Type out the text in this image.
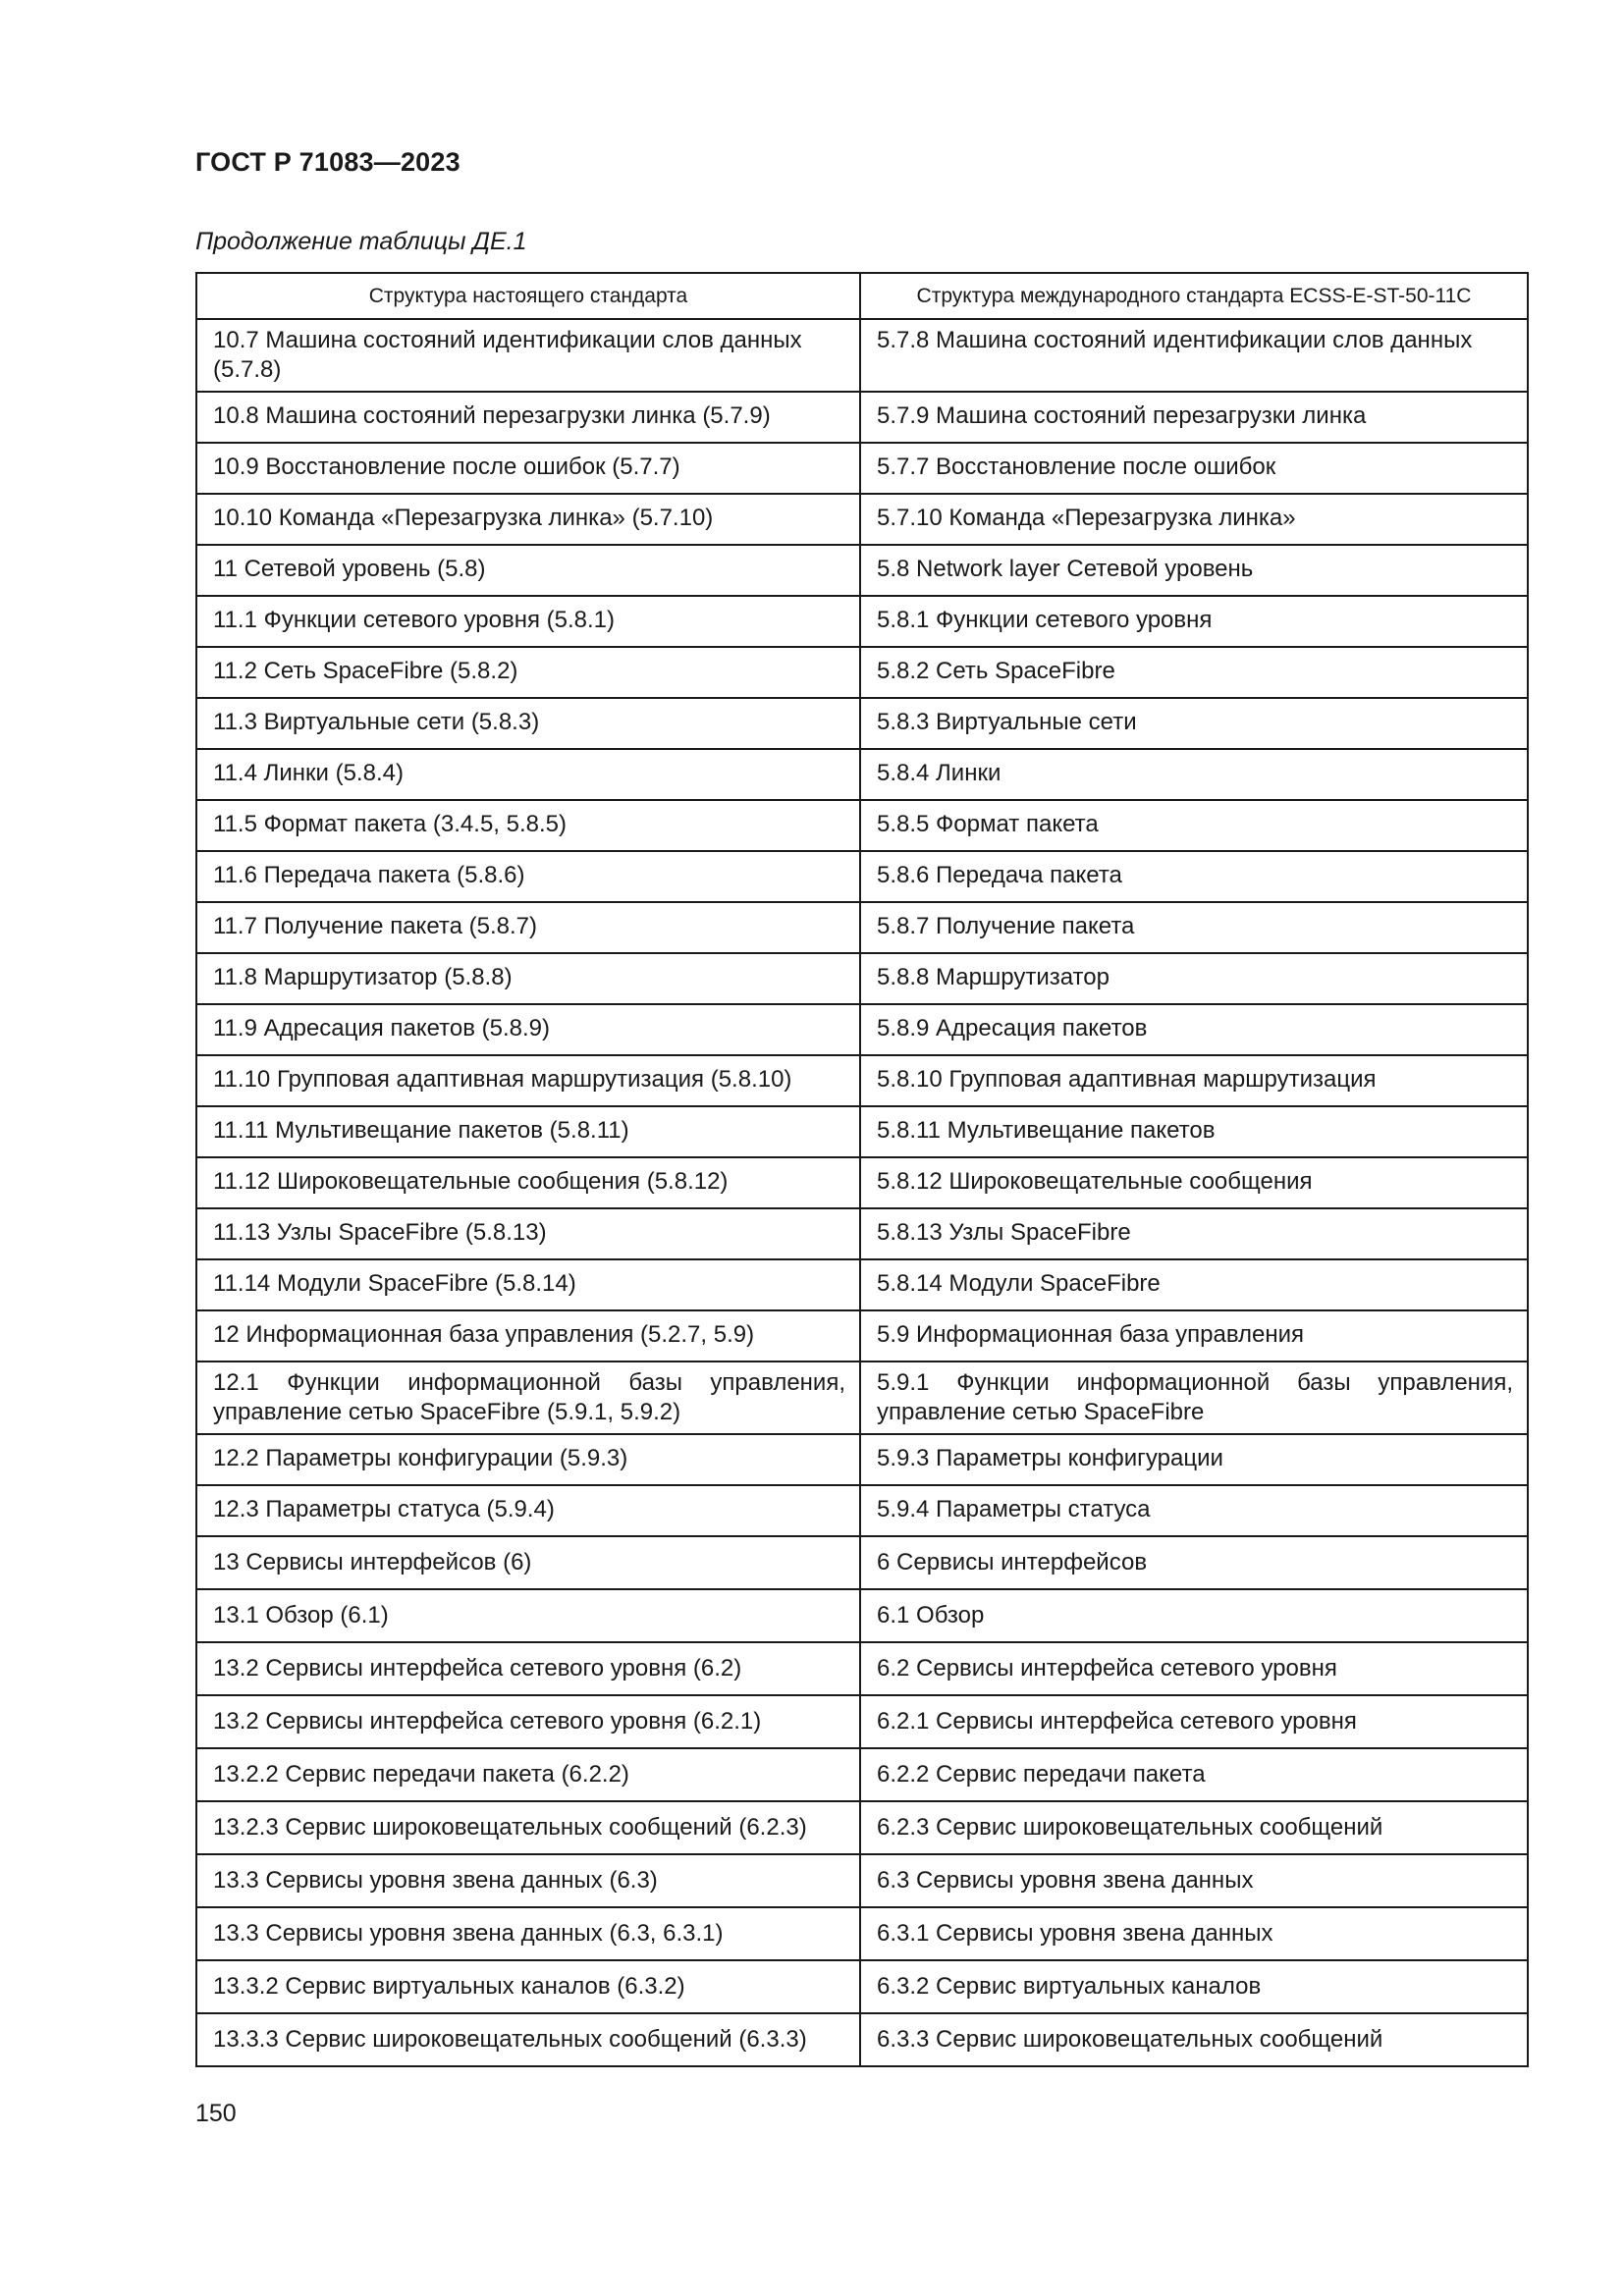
ГОСТ Р 71083—2023

Продолжение таблицы ДЕ.1

Структура настоящего стандарта	Структура международного стандарта ECSS-E-ST-50-11C
10.7 Машина состояний идентификации слов данных (5.7.8)	5.7.8 Машина состояний идентификации слов данных
10.8 Машина состояний перезагрузки линка (5.7.9)	5.7.9 Машина состояний перезагрузки линка
10.9 Восстановление после ошибок (5.7.7)	5.7.7 Восстановление после ошибок
10.10 Команда «Перезагрузка линка» (5.7.10)	5.7.10 Команда «Перезагрузка линка»
11 Сетевой уровень (5.8)	5.8 Network layer Сетевой уровень
11.1 Функции сетевого уровня (5.8.1)	5.8.1 Функции сетевого уровня
11.2 Сеть SpaceFibre (5.8.2)	5.8.2 Сеть SpaceFibre
11.3 Виртуальные сети (5.8.3)	5.8.3 Виртуальные сети
11.4 Линки (5.8.4)	5.8.4 Линки
11.5 Формат пакета (3.4.5, 5.8.5)	5.8.5 Формат пакета
11.6 Передача пакета (5.8.6)	5.8.6 Передача пакета
11.7 Получение пакета (5.8.7)	5.8.7 Получение пакета
11.8 Маршрутизатор (5.8.8)	5.8.8 Маршрутизатор
11.9 Адресация пакетов (5.8.9)	5.8.9 Адресация пакетов
11.10 Групповая адаптивная маршрутизация (5.8.10)	5.8.10 Групповая адаптивная маршрутизация
11.11 Мультивещание пакетов (5.8.11)	5.8.11 Мультивещание пакетов
11.12 Широковещательные сообщения (5.8.12)	5.8.12 Широковещательные сообщения
11.13 Узлы SpaceFibre (5.8.13)	5.8.13 Узлы SpaceFibre
11.14 Модули SpaceFibre (5.8.14)	5.8.14 Модули SpaceFibre
12 Информационная база управления (5.2.7, 5.9)	5.9 Информационная база управления
12.1 Функции информационной базы управления, управление сетью SpaceFibre (5.9.1, 5.9.2)	5.9.1 Функции информационной базы управления, управление сетью SpaceFibre
12.2 Параметры конфигурации (5.9.3)	5.9.3 Параметры конфигурации
12.3 Параметры статуса (5.9.4)	5.9.4 Параметры статуса
13 Сервисы интерфейсов (6)	6 Сервисы интерфейсов
13.1 Обзор (6.1)	6.1 Обзор
13.2 Сервисы интерфейса сетевого уровня (6.2)	6.2 Сервисы интерфейса сетевого уровня
13.2 Сервисы интерфейса сетевого уровня (6.2.1)	6.2.1 Сервисы интерфейса сетевого уровня
13.2.2 Сервис передачи пакета (6.2.2)	6.2.2 Сервис передачи пакета
13.2.3 Сервис широковещательных сообщений (6.2.3)	6.2.3 Сервис широковещательных сообщений
13.3 Сервисы уровня звена данных (6.3)	6.3 Сервисы уровня звена данных
13.3 Сервисы уровня звена данных (6.3, 6.3.1)	6.3.1 Сервисы уровня звена данных
13.3.2 Сервис виртуальных каналов (6.3.2)	6.3.2 Сервис виртуальных каналов
13.3.3 Сервис широковещательных сообщений (6.3.3)	6.3.3 Сервис широковещательных сообщений

150
